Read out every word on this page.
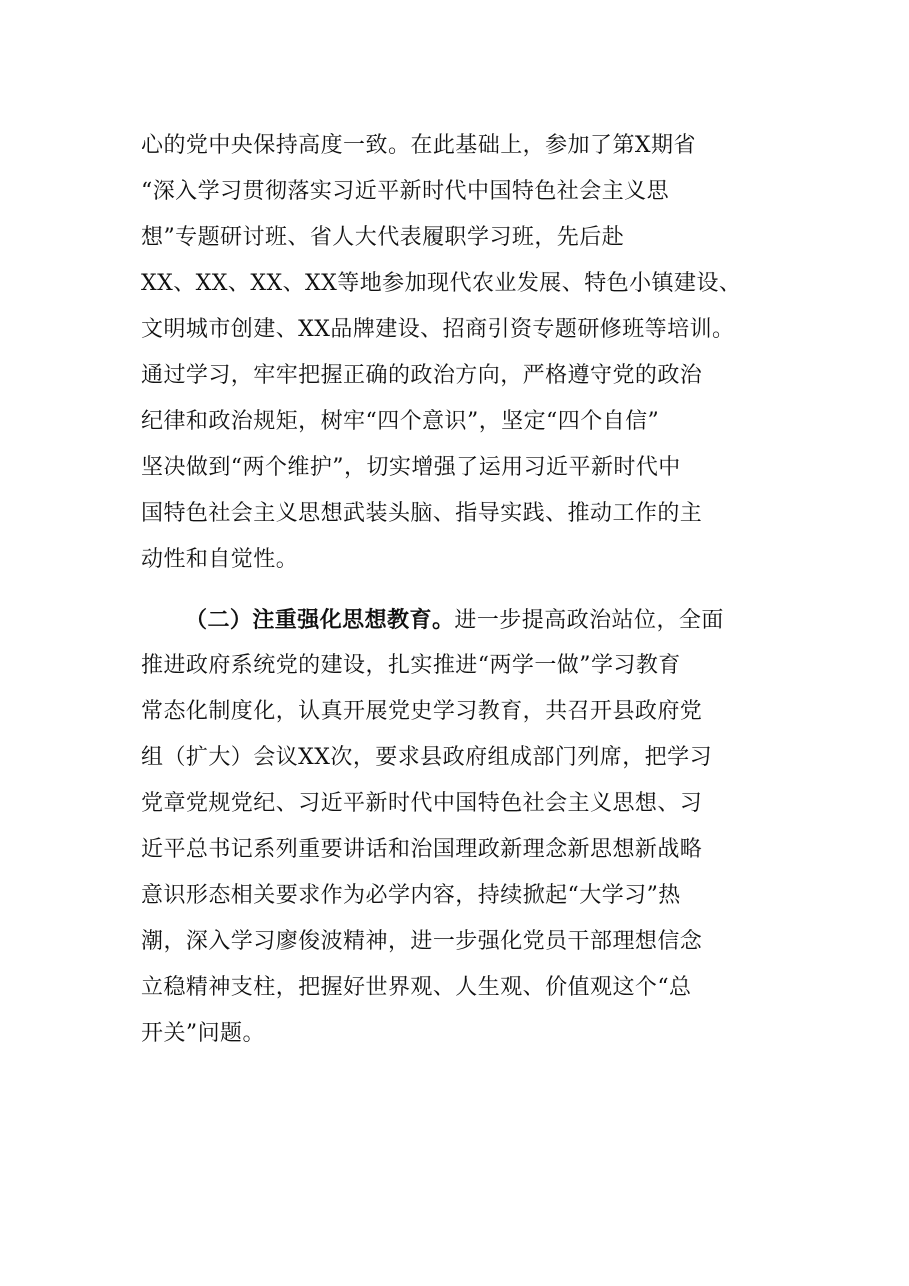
心的党中央保持高度一致。在此基础上，参加了第X期省
“深入学习贯彻落实习近平新时代中国特色社会主义思
想”专题研讨班、省人大代表履职学习班，先后赴
XX、XX、XX、XX等地参加现代农业发展、特色小镇建设、
文明城市创建、XX品牌建设、招商引资专题研修班等培训。
通过学习，牢牢把握正确的政治方向，严格遵守党的政治
纪律和政治规矩，树牢“四个意识”，坚定“四个自信”
坚决做到“两个维护”，切实增强了运用习近平新时代中
国特色社会主义思想武装头脑、指导实践、推动工作的主
动性和自觉性。
（二）注重强化思想教育。进一步提高政治站位，全面
推进政府系统党的建设，扎实推进“两学一做”学习教育
常态化制度化，认真开展党史学习教育，共召开县政府党
组（扩大）会议XX次，要求县政府组成部门列席，把学习
党章党规党纪、习近平新时代中国特色社会主义思想、习
近平总书记系列重要讲话和治国理政新理念新思想新战略
意识形态相关要求作为必学内容，持续掀起“大学习”热
潮，深入学习廖俊波精神，进一步强化党员干部理想信念
立稳精神支柱，把握好世界观、人生观、价值观这个“总
开关”问题。
